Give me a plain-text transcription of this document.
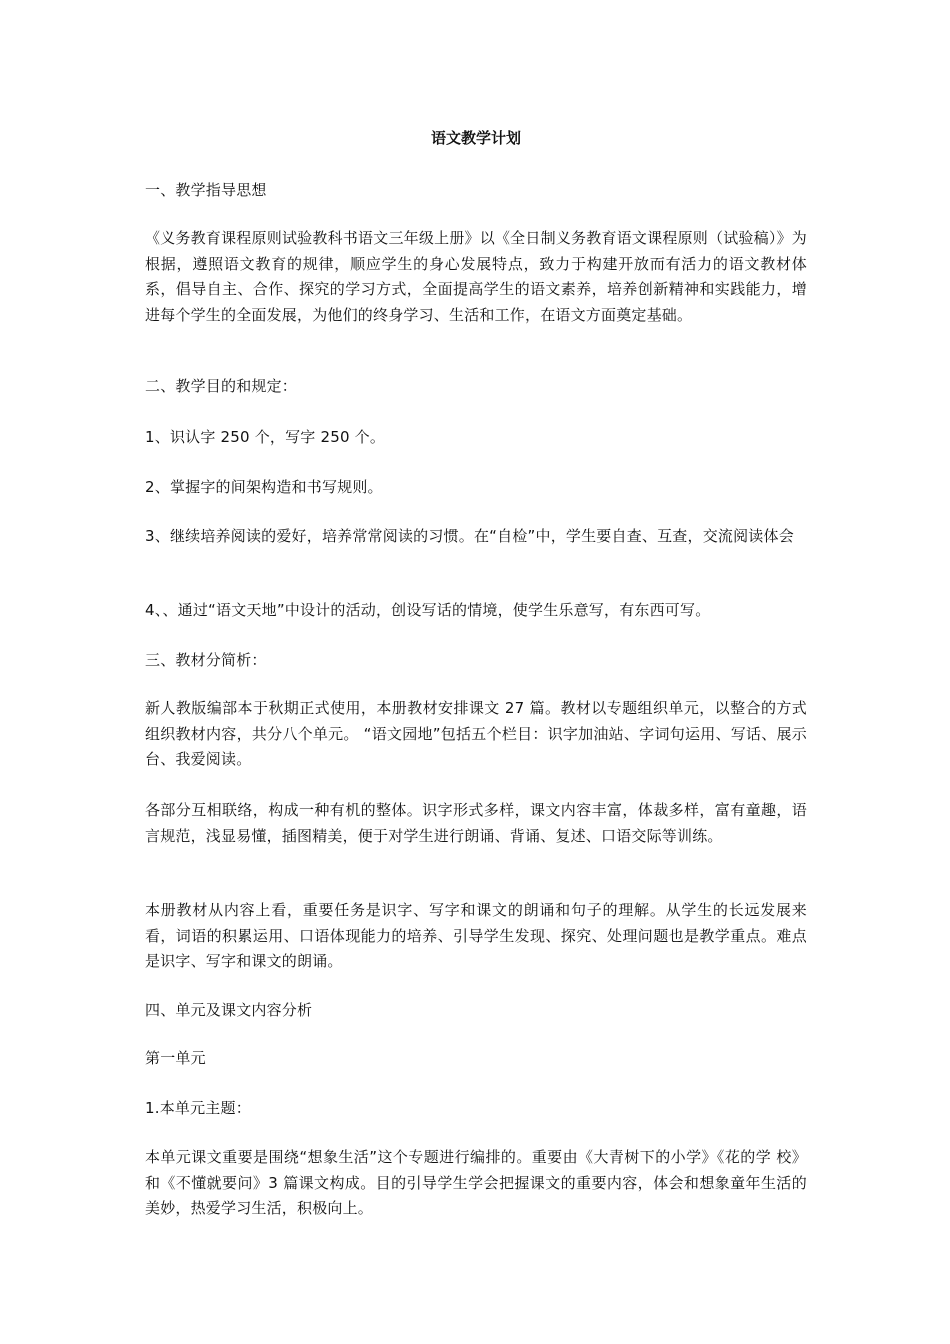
语文教学计划

一、教学指导思想

《义务教育课程原则试验教科书语文三年级上册》以《全日制义务教育语文课程原则（试验稿）》为根据，遵照语文教育的规律，顺应学生的身心发展特点，致力于构建开放而有活力的语文教材体系，倡导自主、合作、探究的学习方式，全面提高学生的语文素养，培养创新精神和实践能力，增进每个学生的全面发展，为他们的终身学习、生活和工作，在语文方面奠定基础。

二、教学目的和规定：

1、识认字 250 个，写字 250 个。

2、掌握字的间架构造和书写规则。

3、继续培养阅读的爱好，培养常常阅读的习惯。在“自检”中，学生要自查、互查，交流阅读体会

4、、通过“语文天地”中设计的活动，创设写话的情境，使学生乐意写，有东西可写。

三、教材分简析：

新人教版编部本于秋期正式使用，本册教材安排课文 27 篇。教材以专题组织单元，以整合的方式组织教材内容，共分八个单元。 “语文园地”包括五个栏目：识字加油站、字词句运用、写话、展示台、我爱阅读。

各部分互相联络，构成一种有机的整体。识字形式多样，课文内容丰富，体裁多样，富有童趣，语言规范，浅显易懂，插图精美，便于对学生进行朗诵、背诵、复述、口语交际等训练。

本册教材从内容上看，重要任务是识字、写字和课文的朗诵和句子的理解。从学生的长远发展来看，词语的积累运用、口语体现能力的培养、引导学生发现、探究、处理问题也是教学重点。难点是识字、写字和课文的朗诵。

四、单元及课文内容分析

第一单元

1.本单元主题：

本单元课文重要是围绕“想象生活”这个专题进行编排的。重要由《大青树下的小学》《花的学 校》和《不懂就要问》3 篇课文构成。目的引导学生学会把握课文的重要内容，体会和想象童年生活的美妙，热爱学习生活，积极向上。
